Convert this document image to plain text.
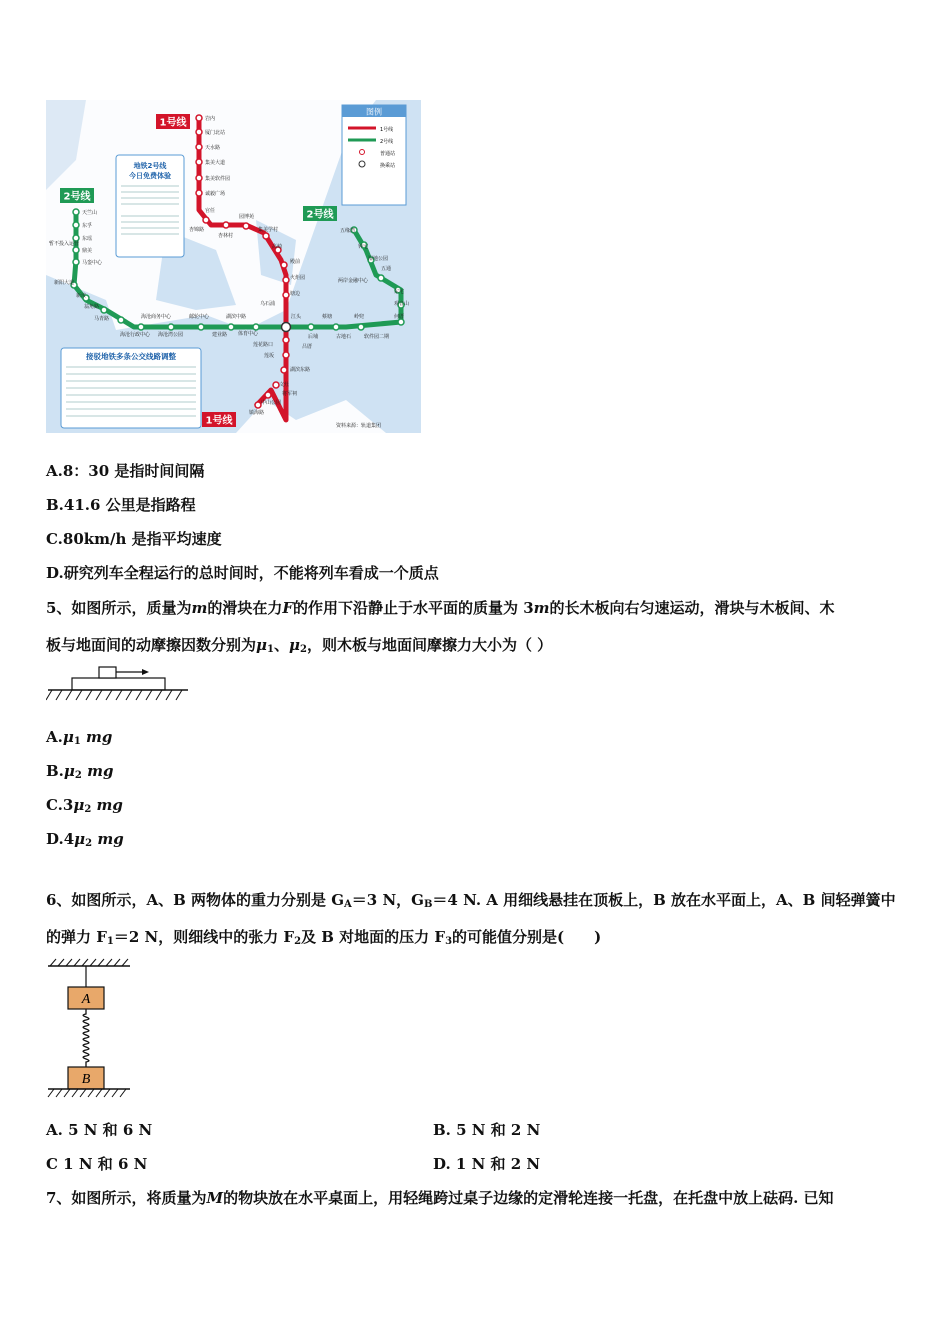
1号线
2号线
2号线
1号线
图例
1号线
2号线
普通站
换乘站
地铁2号线
今日免费体验
接驳地铁多条公交线路调整
岩内
厦门北站
天水路
集美大道
集美软件园
诚毅广场
官任
园博苑
杏锦路
杏林村
集美学村
高崎
殿前
火炬园
塘边
乌石浦
湖滨东路
将军祠
文灶
中山公园
镇海路
莲坂
莲花路口
体育中心
湖滨中路
天竺山
东孚
东瑶
鼎美
马銮中心
新阳大道
新垵
翁角路
马青路
海沧行政中心 海沧湾公园
海沧商务中心	邮轮中心
建业路
江头	蔡塘	岭兜	何厝
观音山
东宅
五通
湿地公园
钟宅
五缘湾
两岸金融中心
吕厝
古地石
后埔	软件园二期
暂不投入运营
资料来源：轨道集团
A.8：30 是指时间间隔
B.41.6 公里是指路程
C.80km/h 是指平均速度
D.研究列车全程运行的总时间时，不能将列车看成一个质点
5、如图所示，质量为m的滑块在力F的作用下沿静止于水平面的质量为 3m的长木板向右匀速运动，滑块与木板间、木
板与地面间的动摩擦因数分别为$\mu_1$、$\mu_2$，则木板与地面间摩擦力大小为（ ）
$A.\mu_1$ mg
$B.\mu_2$ mg
$C.3\mu_2$ mg
$D.4\mu_2$ mg
6、如图所示，A、B 两物体的重力分别是 $G_A=3$ N，$G_B=4$ N. A 用细线悬挂在顶板上，B 放在水平面上，A、B 间轻弹簧中
的弹力 $F_1=2$ N，则细线中的张力 $F_2$及 B 对地面的压力 $F_3$的可能值分别是(　　)
A
B
A. 5 N 和 6 N	B. 5 N 和 2 N
C 1 N 和 6 N	D. 1 N 和 2 N
7、如图所示，将质量为M的物块放在水平桌面上，用轻绳跨过桌子边缘的定滑轮连接一托盘，在托盘中放上砝码. 已知
